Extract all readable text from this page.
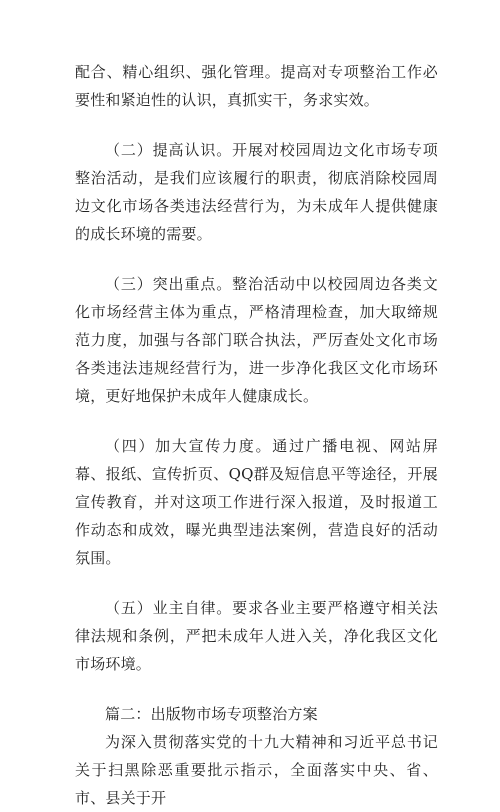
配合、精心组织、强化管理。提高对专项整治工作必要性和紧迫性的认识，真抓实干，务求实效。

（二）提高认识。开展对校园周边文化市场专项整治活动，是我们应该履行的职责，彻底消除校园周边文化市场各类违法经营行为，为未成年人提供健康的成长环境的需要。

（三）突出重点。整治活动中以校园周边各类文化市场经营主体为重点，严格清理检查，加大取缔规范力度，加强与各部门联合执法，严厉查处文化市场各类违法违规经营行为，进一步净化我区文化市场环境，更好地保护未成年人健康成长。

（四）加大宣传力度。通过广播电视、网站屏幕、报纸、宣传折页、QQ群及短信息平等途径，开展宣传教育，并对这项工作进行深入报道，及时报道工作动态和成效，曝光典型违法案例，营造良好的活动氛围。

（五）业主自律。要求各业主要严格遵守相关法律法规和条例，严把未成年人进入关，净化我区文化市场环境。

篇二：出版物市场专项整治方案

为深入贯彻落实党的十九大精神和习近平总书记关于扫黑除恶重要批示指示，全面落实中央、省、市、县关于开
